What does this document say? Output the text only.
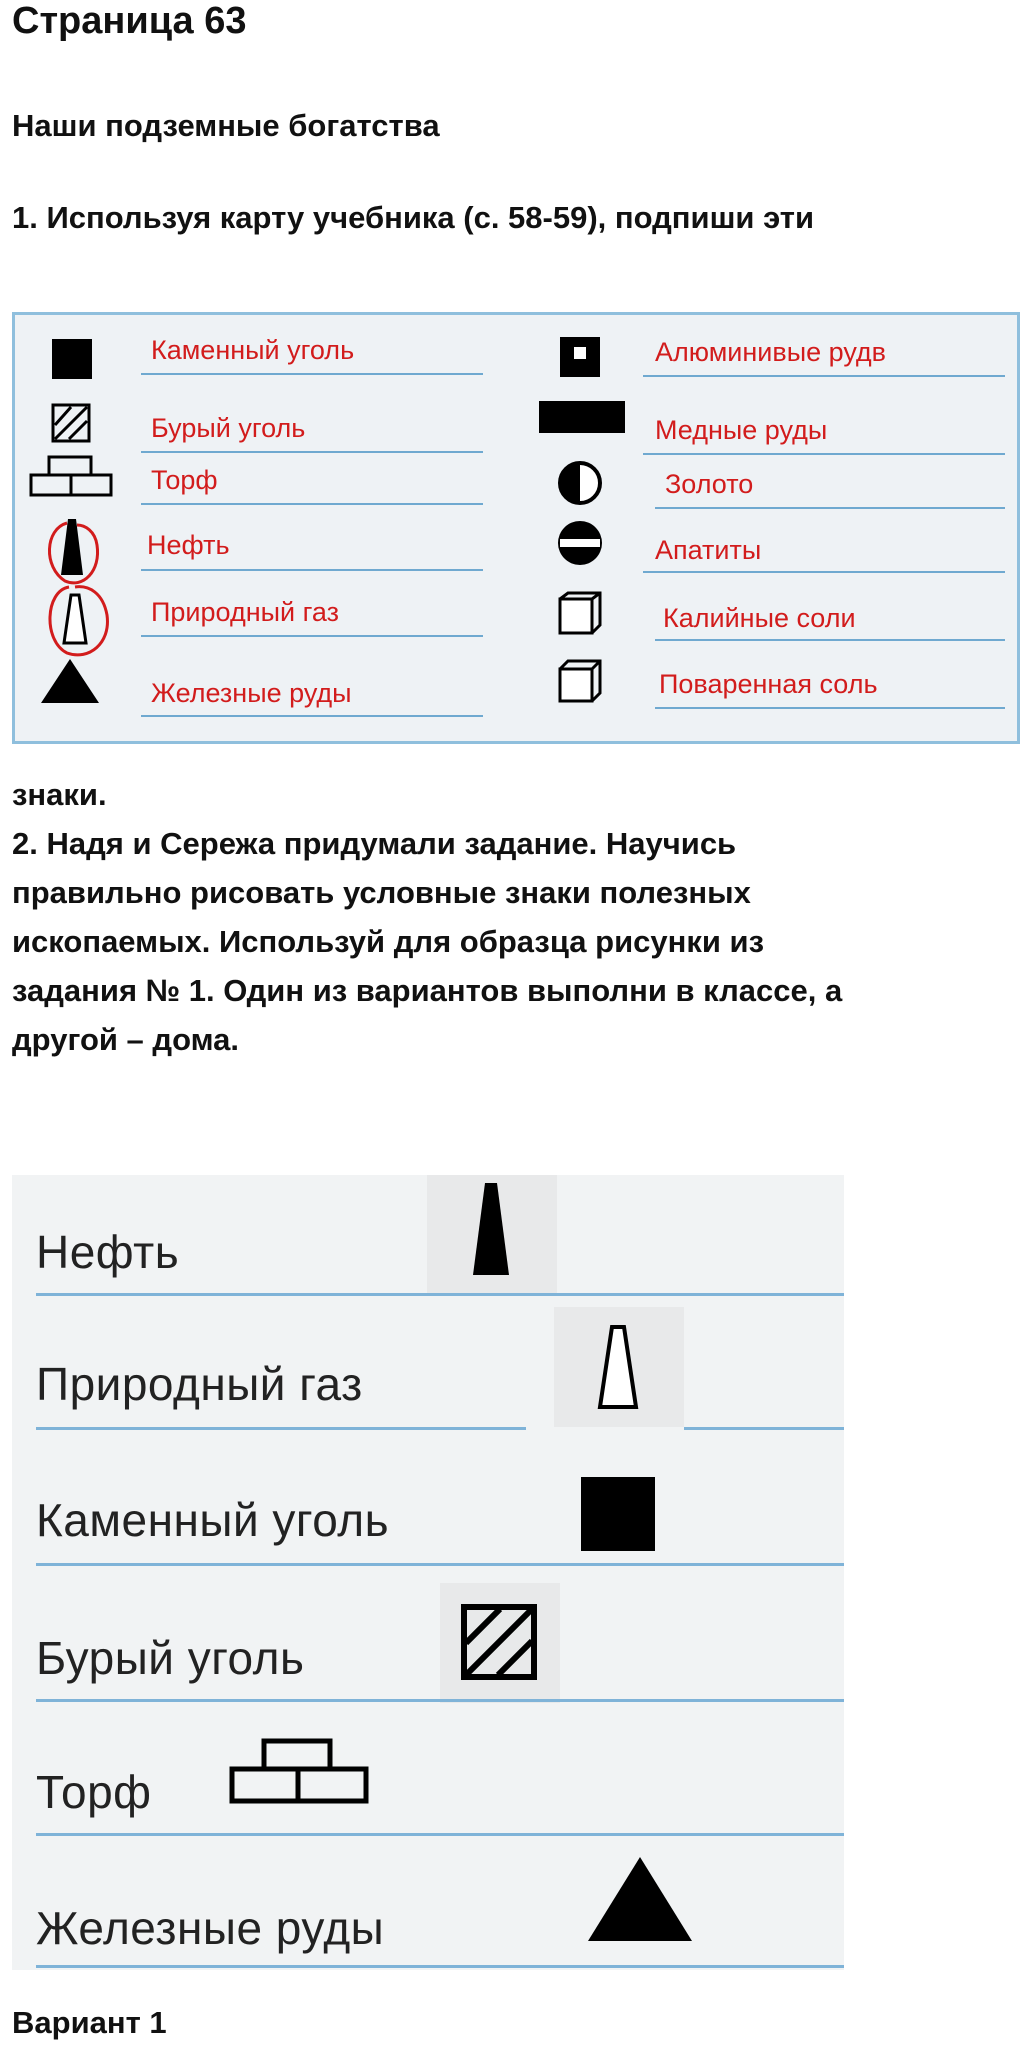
Страница 63
Наши подземные богатства
1. Используя карту учебника (с. 58-59), подпиши эти
Каменный уголь
Бурый уголь
Торф
Нефть
Природный газ
Железные руды
Алюминивые рудв
Медные руды
Золото
Апатиты
Калийные соли
Поваренная соль
знаки.
2. Надя и Сережа придумали задание. Научись
правильно рисовать условные знаки полезных
ископаемых. Используй для образца рисунки из
задания № 1. Один из вариантов выполни в классе, а
другой – дома.
Нефть
Природный газ
Каменный уголь
Бурый уголь
Торф
Железные руды
Вариант 1
